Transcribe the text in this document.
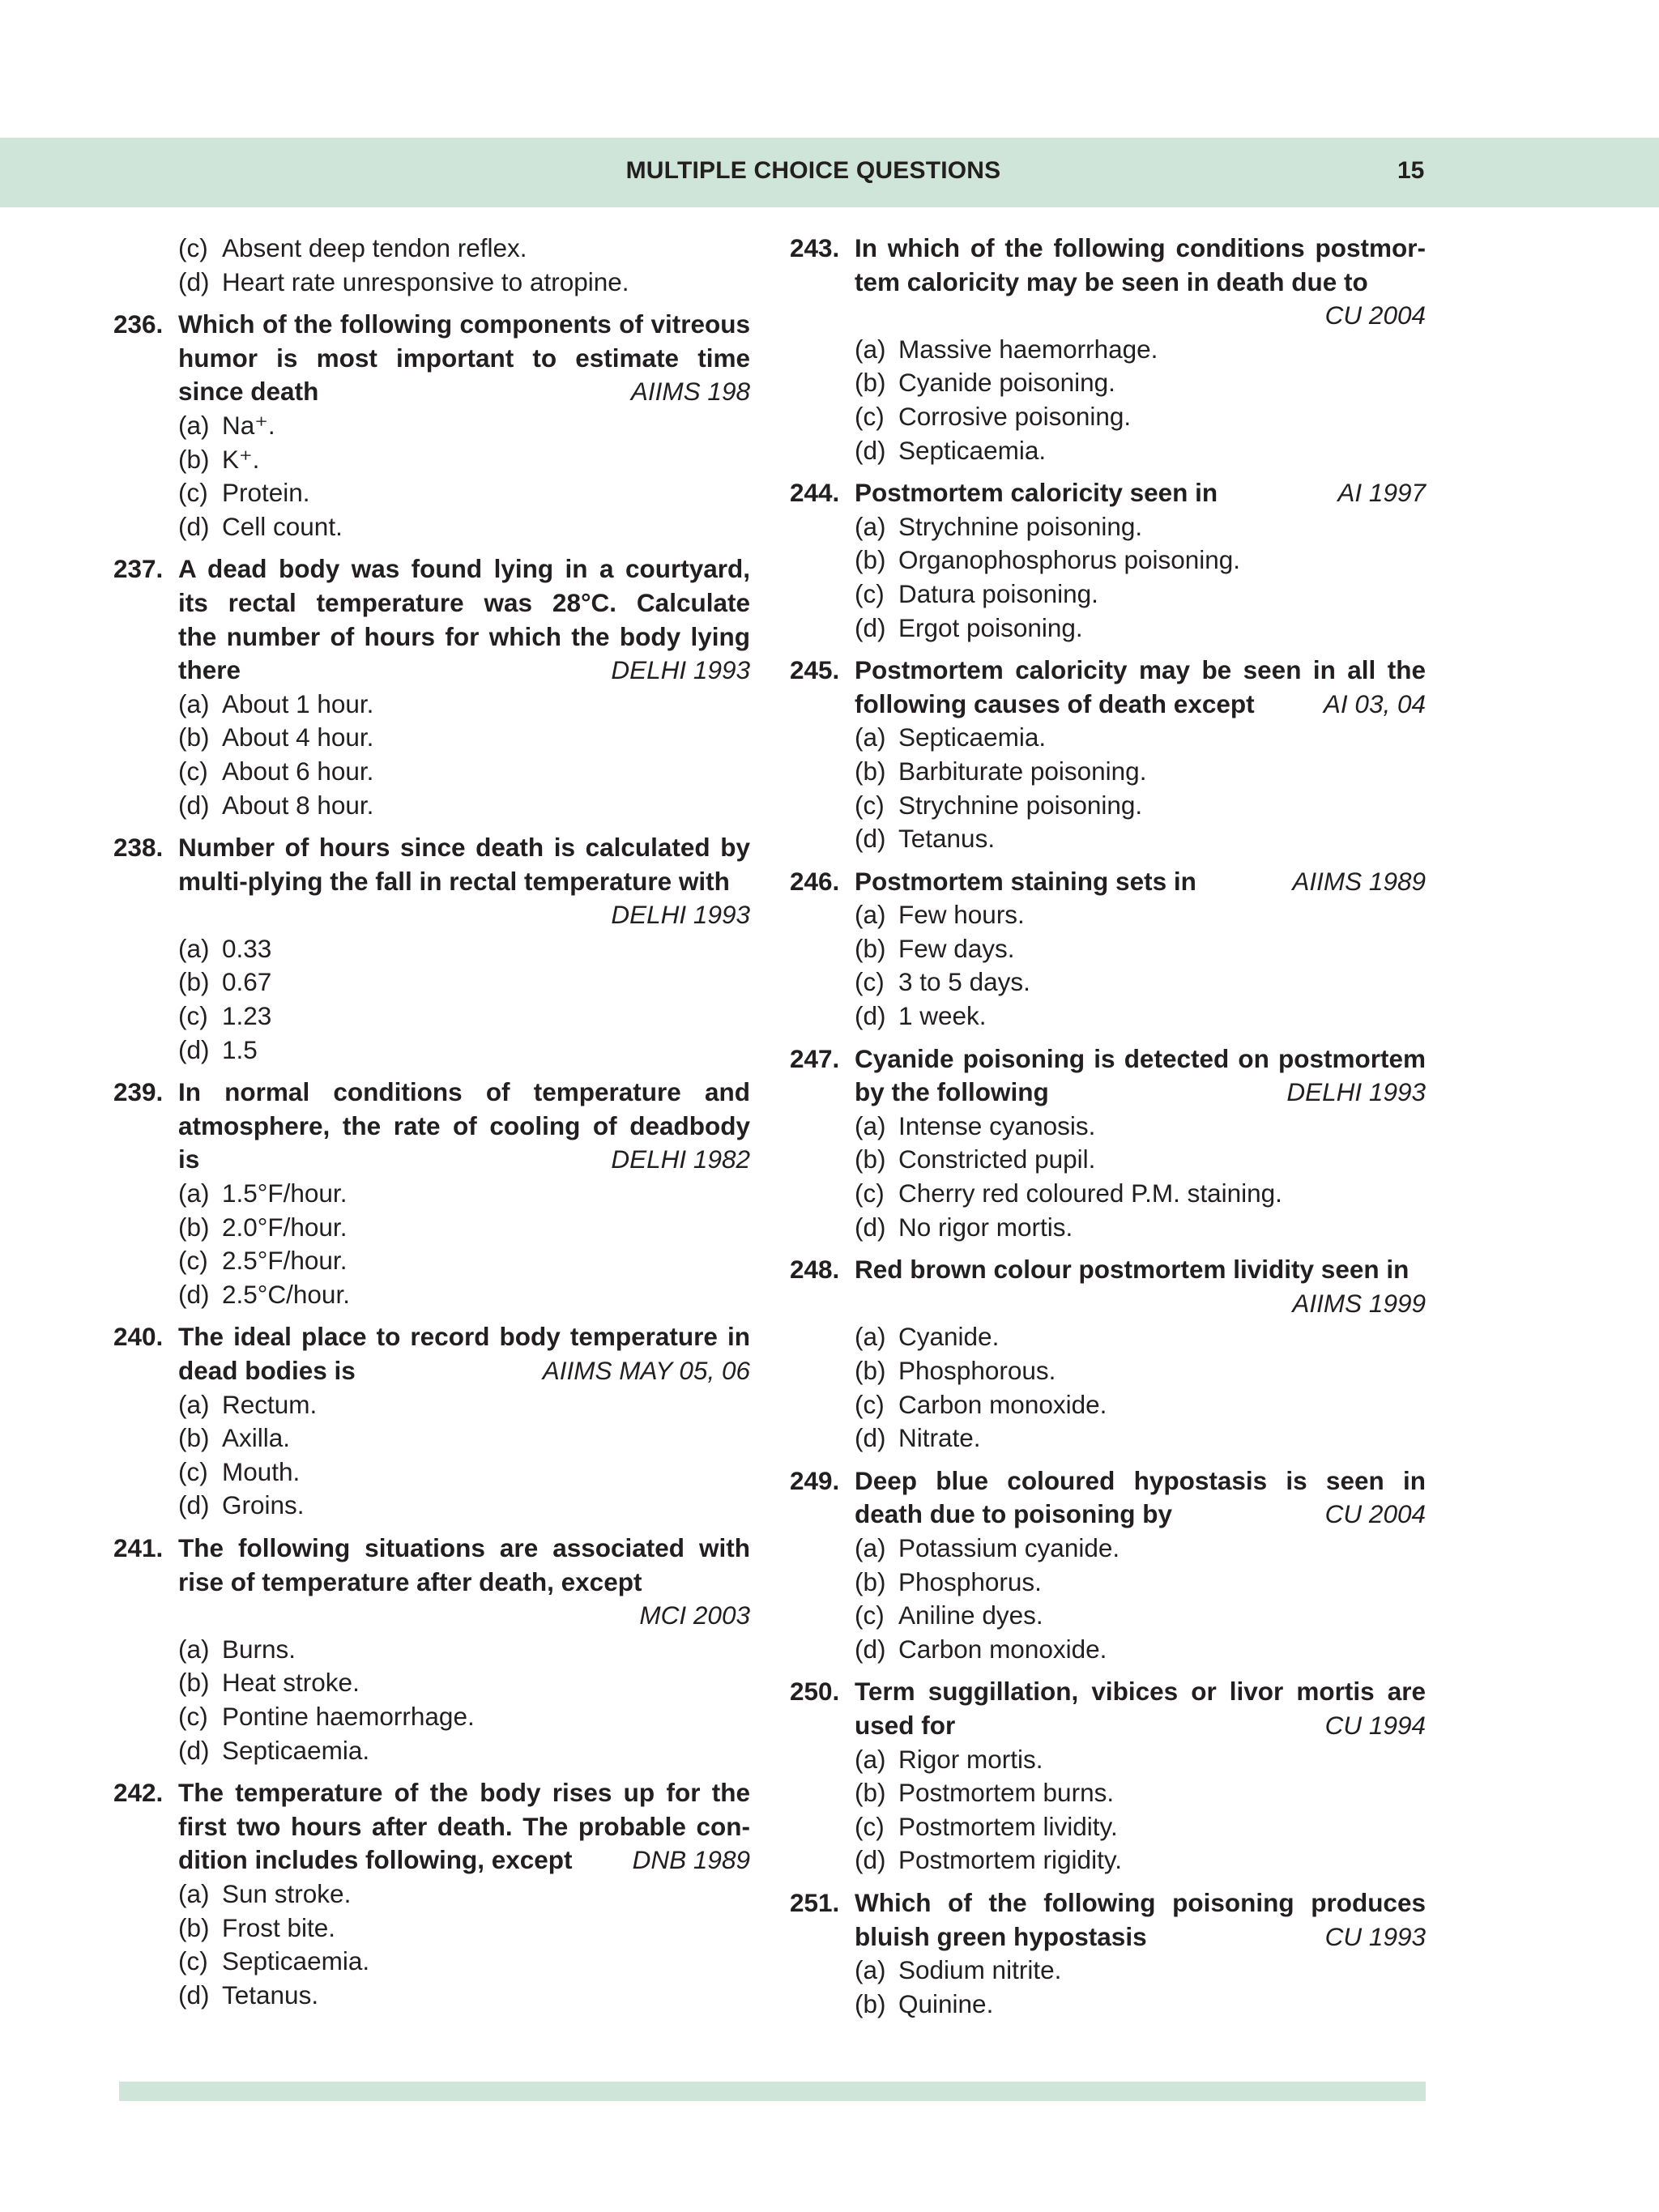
MULTIPLE CHOICE QUESTIONS	15
(c) Absent deep tendon reflex.
(d) Heart rate unresponsive to atropine.
236. Which of the following components of vitreous
humor is most important to estimate time
since death	AIIMS 198
(a) Na⁺.
(b) K⁺.
(c) Protein.
(d) Cell count.
237. A dead body was found lying in a courtyard,
its rectal temperature was 28°C. Calculate
the number of hours for which the body lying
there	DELHI 1993
(a) About 1 hour.
(b) About 4 hour.
(c) About 6 hour.
(d) About 8 hour.
238. Number of hours since death is calculated by
multi-plying the fall in rectal temperature with
DELHI 1993
(a) 0.33
(b) 0.67
(c) 1.23
(d) 1.5
239. In normal conditions of temperature and
atmosphere, the rate of cooling of deadbody
is	DELHI 1982
(a) 1.5°F/hour.
(b) 2.0°F/hour.
(c) 2.5°F/hour.
(d) 2.5°C/hour.
240. The ideal place to record body temperature in
dead bodies is	AIIMS MAY 05, 06
(a) Rectum.
(b) Axilla.
(c) Mouth.
(d) Groins.
241. The following situations are associated with
rise of temperature after death, except
MCI 2003
(a) Burns.
(b) Heat stroke.
(c) Pontine haemorrhage.
(d) Septicaemia.
242. The temperature of the body rises up for the
first two hours after death. The probable con-
dition includes following, except DNB 1989
(a) Sun stroke.
(b) Frost bite.
(c) Septicaemia.
(d) Tetanus.
243. In which of the following conditions postmor-
tem caloricity may be seen in death due to
CU 2004
(a) Massive haemorrhage.
(b) Cyanide poisoning.
(c) Corrosive poisoning.
(d) Septicaemia.
244. Postmortem caloricity seen in	AI 1997
(a) Strychnine poisoning.
(b) Organophosphorus poisoning.
(c) Datura poisoning.
(d) Ergot poisoning.
245. Postmortem caloricity may be seen in all the
following causes of death except	AI 03, 04
(a) Septicaemia.
(b) Barbiturate poisoning.
(c) Strychnine poisoning.
(d) Tetanus.
246. Postmortem staining sets in	AIIMS 1989
(a) Few hours.
(b) Few days.
(c) 3 to 5 days.
(d) 1 week.
247. Cyanide poisoning is detected on postmortem
by the following	DELHI 1993
(a) Intense cyanosis.
(b) Constricted pupil.
(c) Cherry red coloured P.M. staining.
(d) No rigor mortis.
248. Red brown colour postmortem lividity seen in
AIIMS 1999
(a) Cyanide.
(b) Phosphorous.
(c) Carbon monoxide.
(d) Nitrate.
249. Deep blue coloured hypostasis is seen in
death due to poisoning by	CU 2004
(a) Potassium cyanide.
(b) Phosphorus.
(c) Aniline dyes.
(d) Carbon monoxide.
250. Term suggillation, vibices or livor mortis are
used for	CU 1994
(a) Rigor mortis.
(b) Postmortem burns.
(c) Postmortem lividity.
(d) Postmortem rigidity.
251. Which of the following poisoning produces
bluish green hypostasis	CU 1993
(a) Sodium nitrite.
(b) Quinine.
